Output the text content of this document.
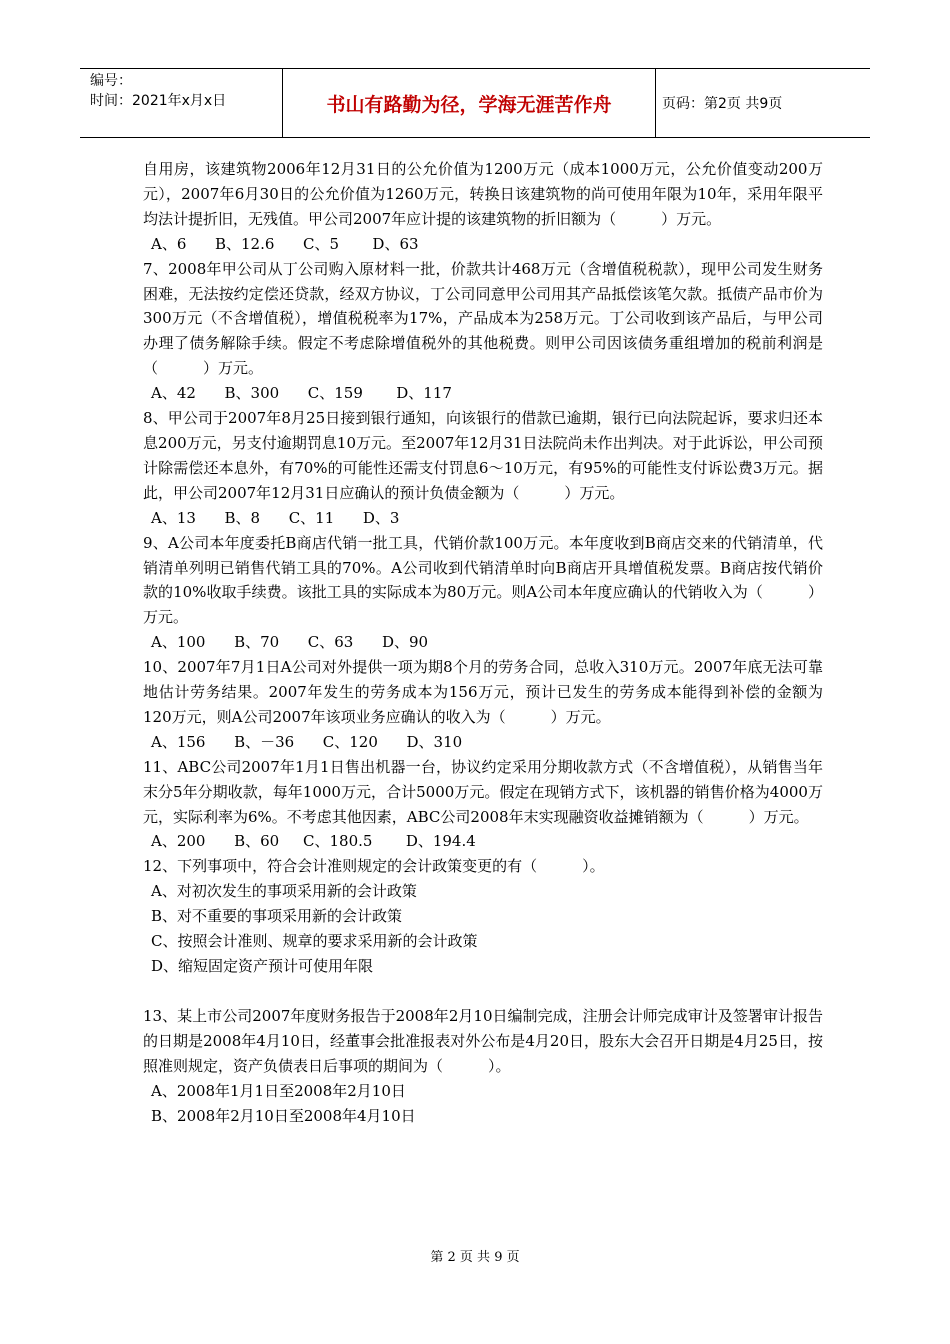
编号：
时间：2021年x月x日	书山有路勤为径，学海无涯苦作舟	页码：第2页 共9页

自用房，该建筑物2006年12月31日的公允价值为1200万元（成本1000万元，公允价值变动200万元），2007年6月30日的公允价值为1260万元，转换日该建筑物的尚可使用年限为10年，采用年限平均法计提折旧，无残值。甲公司2007年应计提的该建筑物的折旧额为（　　　）万元。

A、6      B、12.6      C、5       D、63

7、2008年甲公司从丁公司购入原材料一批，价款共计468万元（含增值税税款），现甲公司发生财务困难，无法按约定偿还贷款，经双方协议，丁公司同意甲公司用其产品抵偿该笔欠款。抵债产品市价为300万元（不含增值税），增值税税率为17%，产品成本为258万元。丁公司收到该产品后，与甲公司办理了债务解除手续。假定不考虑除增值税外的其他税费。则甲公司因该债务重组增加的税前利润是（　　　）万元。

A、42      B、300      C、159       D、117

8、甲公司于2007年8月25日接到银行通知，向该银行的借款已逾期，银行已向法院起诉，要求归还本息200万元，另支付逾期罚息10万元。至2007年12月31日法院尚未作出判决。对于此诉讼，甲公司预计除需偿还本息外，有70%的可能性还需支付罚息6～10万元，有95%的可能性支付诉讼费3万元。据此，甲公司2007年12月31日应确认的预计负债金额为（　　　）万元。

A、13      B、8      C、11      D、3

9、A公司本年度委托B商店代销一批工具，代销价款100万元。本年度收到B商店交来的代销清单，代销清单列明已销售代销工具的70%。A公司收到代销清单时向B商店开具增值税发票。B商店按代销价款的10%收取手续费。该批工具的实际成本为80万元。则A公司本年度应确认的代销收入为（　　　）万元。

A、100      B、70      C、63      D、90

10、2007年7月1日A公司对外提供一项为期8个月的劳务合同，总收入310万元。2007年底无法可靠地估计劳务结果。2007年发生的劳务成本为156万元，预计已发生的劳务成本能得到补偿的金额为120万元，则A公司2007年该项业务应确认的收入为（　　　）万元。

A、156      B、－36      C、120      D、310

11、ABC公司2007年1月1日售出机器一台，协议约定采用分期收款方式（不含增值税），从销售当年末分5年分期收款，每年1000万元，合计5000万元。假定在现销方式下，该机器的销售价格为4000万元，实际利率为6%。不考虑其他因素，ABC公司2008年末实现融资收益摊销额为（　　　）万元。

A、200      B、60     C、180.5       D、194.4

12、下列事项中，符合会计准则规定的会计政策变更的有（　　　）。

A、对初次发生的事项采用新的会计政策

B、对不重要的事项采用新的会计政策

C、按照会计准则、规章的要求采用新的会计政策

D、缩短固定资产预计可使用年限

13、某上市公司2007年度财务报告于2008年2月10日编制完成，注册会计师完成审计及签署审计报告的日期是2008年4月10日，经董事会批准报表对外公布是4月20日，股东大会召开日期是4月25日，按照准则规定，资产负债表日后事项的期间为（　　　）。

A、2008年1月1日至2008年2月10日

B、2008年2月10日至2008年4月10日

第 2 页 共 9 页
